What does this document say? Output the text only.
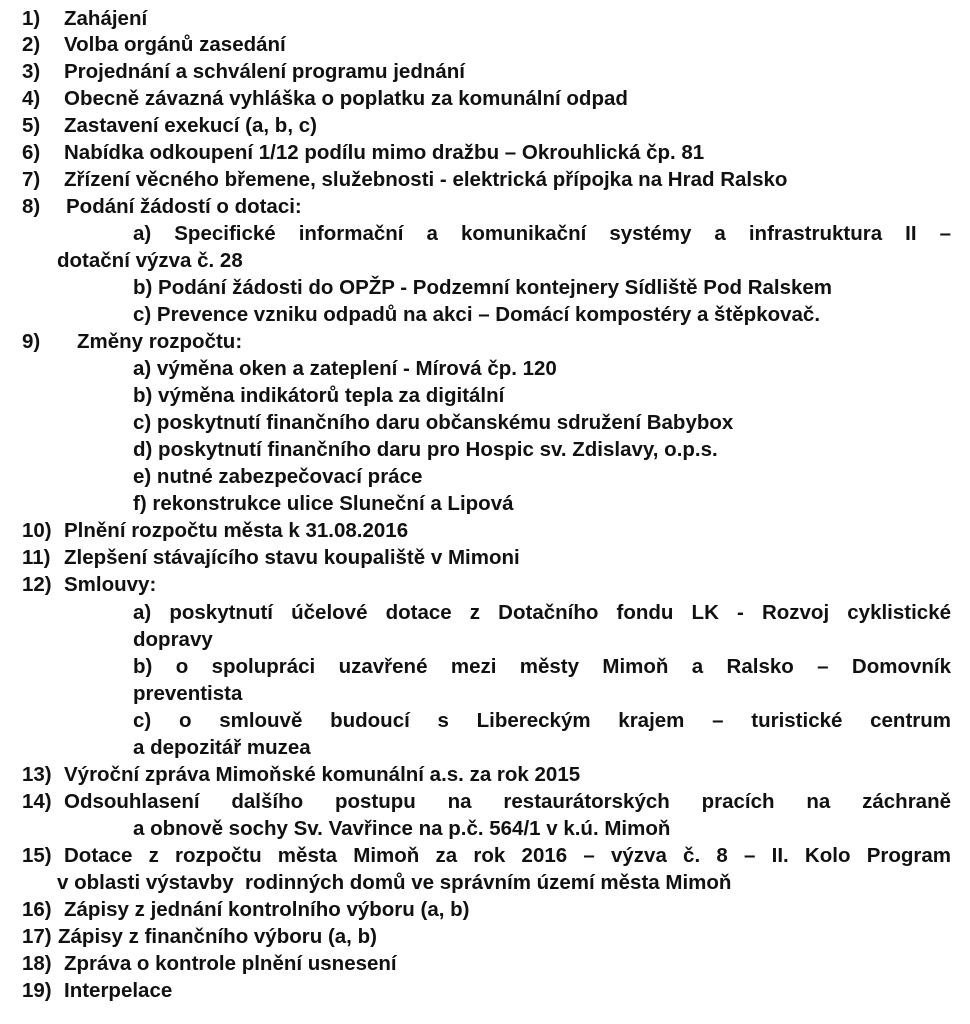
1) Zahájení
2) Volba orgánů zasedání
3) Projednání a schválení programu jednání
4) Obecně závazná vyhláška o poplatku za komunální odpad
5) Zastavení exekucí (a, b, c)
6) Nabídka odkoupení 1/12 podílu mimo dražbu – Okrouhlická čp. 81
7) Zřízení věcného břemene, služebnosti - elektrická přípojka na Hrad Ralsko
8) Podání žádostí o dotaci:
a) Specifické informační a komunikační systémy a infrastruktura II –
dotační výzva č. 28
b) Podání žádosti do OPŽP - Podzemní kontejnery Sídliště Pod Ralskem
c) Prevence vzniku odpadů na akci – Domácí kompostéry a štěpkovač.
9) Změny rozpočtu:
a) výměna oken a zateplení - Mírová čp. 120
b) výměna indikátorů tepla za digitální
c) poskytnutí finančního daru občanskému sdružení Babybox
d) poskytnutí finančního daru pro Hospic sv. Zdislavy, o.p.s.
e) nutné zabezpečovací práce
f) rekonstrukce ulice Sluneční a Lipová
10) Plnění rozpočtu města k 31.08.2016
11) Zlepšení stávajícího stavu koupaliště v Mimoni
12) Smlouvy:
a) poskytnutí účelové dotace z Dotačního fondu LK - Rozvoj cyklistické
dopravy
b) o spolupráci uzavřené mezi městy Mimoň a Ralsko – Domovník
preventista
c) o smlouvě budoucí s Libereckým krajem – turistické centrum
a depozitář muzea
13) Výroční zpráva Mimoňské komunální a.s. za rok 2015
14) Odsouhlasení dalšího postupu na restaurátorských pracích na záchraně
a obnově sochy Sv. Vavřince na p.č. 564/1 v k.ú. Mimoň
15) Dotace z rozpočtu města Mimoň za rok 2016 – výzva č. 8 – II. Kolo Program
v oblasti výstavby  rodinných domů ve správním území města Mimoň
16) Zápisy z jednání kontrolního výboru (a, b)
17) Zápisy z finančního výboru (a, b)
18) Zpráva o kontrole plnění usnesení
19) Interpelace
